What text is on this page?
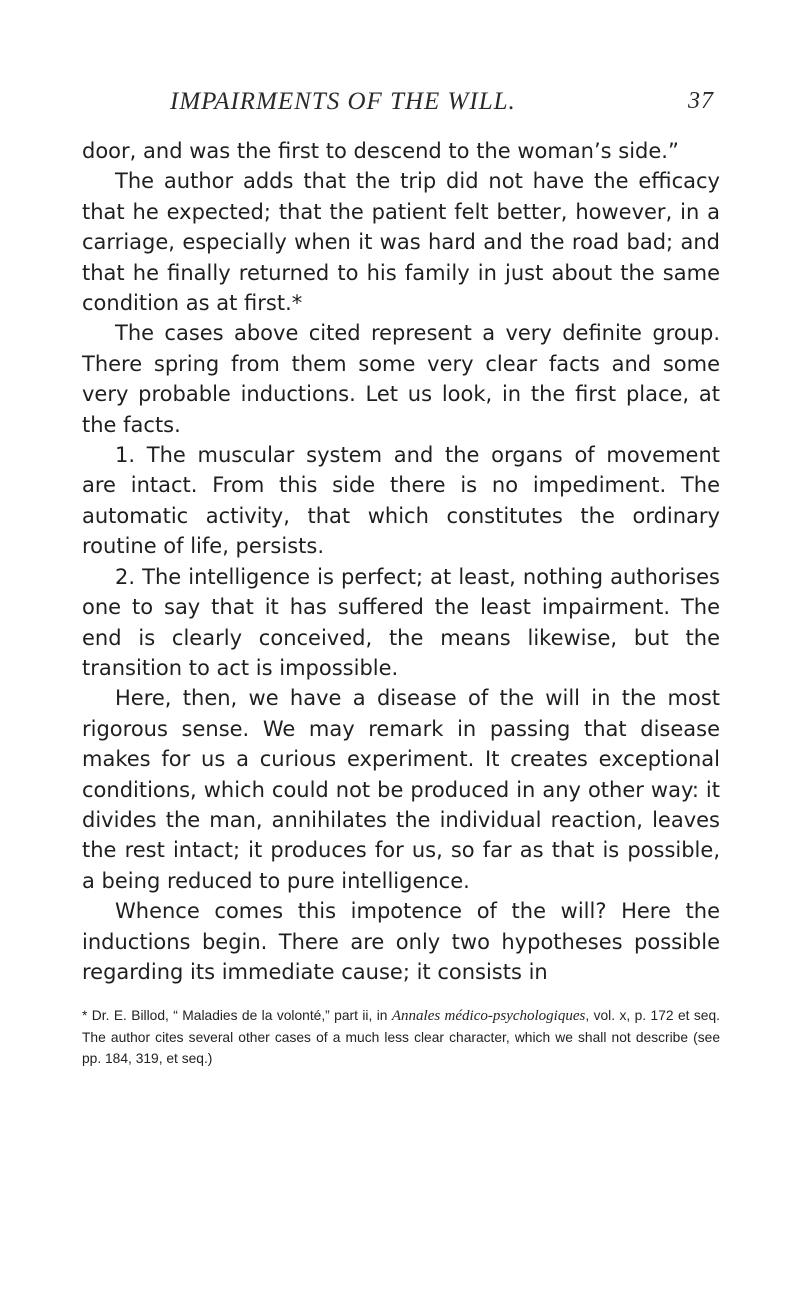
IMPAIRMENTS OF THE WILL.	37

door, and was the first to descend to the woman’s side.”

The author adds that the trip did not have the efficacy that he expected; that the patient felt better, however, in a carriage, especially when it was hard and the road bad; and that he finally returned to his family in just about the same condition as at first.*

The cases above cited represent a very definite group. There spring from them some very clear facts and some very probable inductions. Let us look, in the first place, at the facts.

1. The muscular system and the organs of movement are intact. From this side there is no impediment. The automatic activity, that which constitutes the ordinary routine of life, persists.

2. The intelligence is perfect; at least, nothing authorises one to say that it has suffered the least impairment. The end is clearly conceived, the means likewise, but the transition to act is impossible.

Here, then, we have a disease of the will in the most rigorous sense. We may remark in passing that disease makes for us a curious experiment. It creates exceptional conditions, which could not be produced in any other way: it divides the man, annihilates the individual reaction, leaves the rest intact; it produces for us, so far as that is possible, a being reduced to pure intelligence.

Whence comes this impotence of the will? Here the inductions begin. There are only two hypotheses possible regarding its immediate cause; it consists in

* Dr. E. Billod, “ Maladies de la volonté,” part ii, in Annales médico-psychologiques, vol. x, p. 172 et seq. The author cites several other cases of a much less clear character, which we shall not describe (see pp. 184, 319, et seq.)
